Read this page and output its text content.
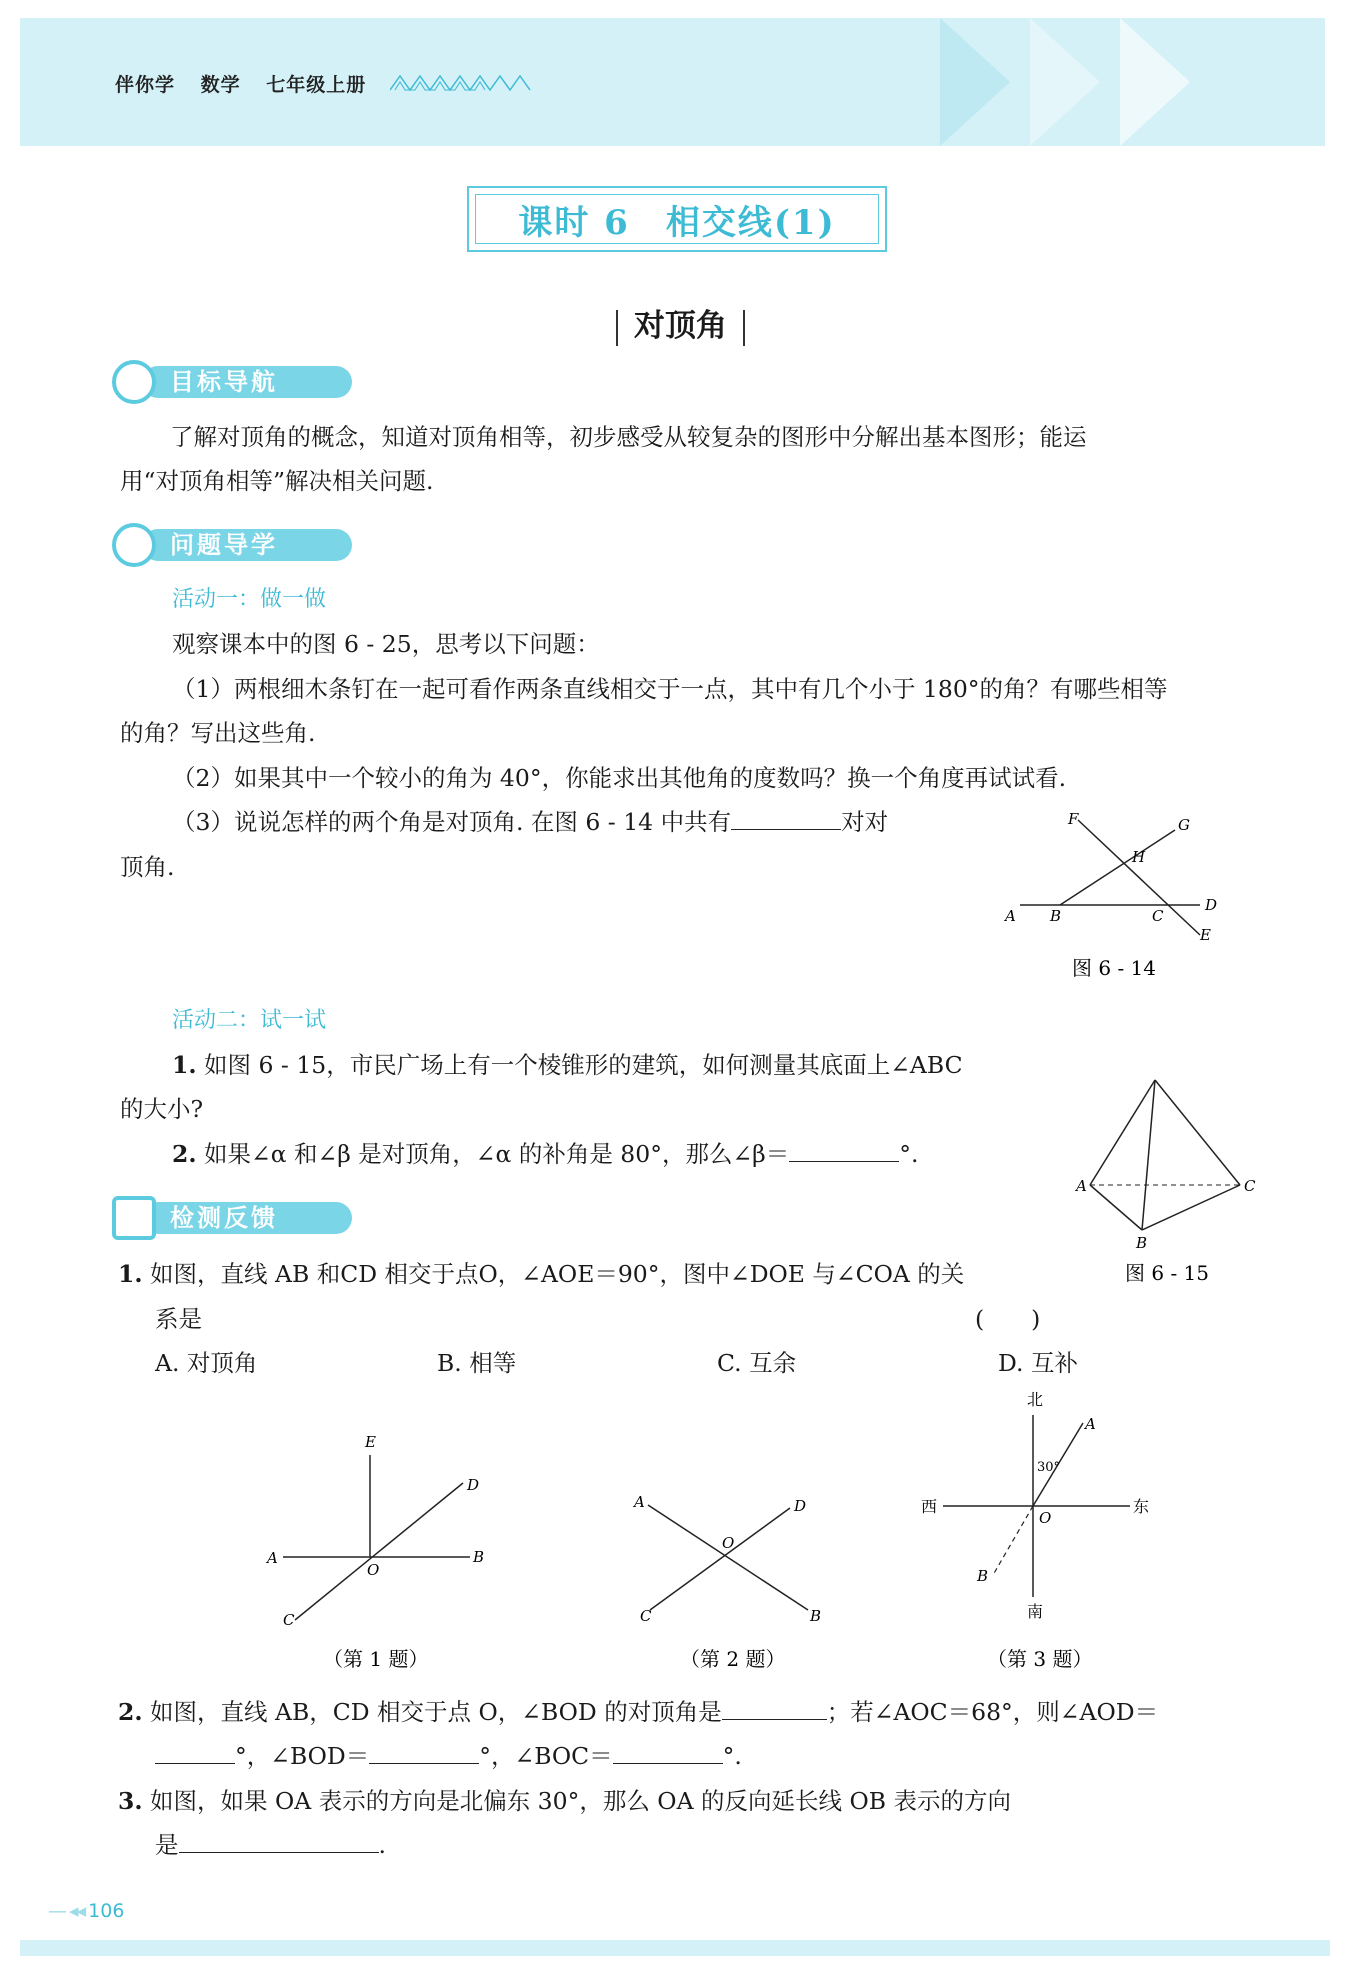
伴你学 数学 七年级上册
课时 6　相交线(1)
对顶角
目标导航
了解对顶角的概念，知道对顶角相等，初步感受从较复杂的图形中分解出基本图形；能运
用“对顶角相等”解决相关问题.
问题导学
活动一：做一做
观察课本中的图 6 - 25，思考以下问题：
（1）两根细木条钉在一起可看作两条直线相交于一点，其中有几个小于 180°的角？有哪些相等
的角？写出这些角.
（2）如果其中一个较小的角为 40°，你能求出其他角的度数吗？换一个角度再试试看.
（3）说说怎样的两个角是对顶角. 在图 6 - 14 中共有	对对
顶角.
F	G
H
A B	C
D
E
图 6 - 14
活动二：试一试
1. 如图 6 - 15，市民广场上有一个棱锥形的建筑，如何测量其底面上∠ABC
的大小?
2. 如果∠α 和∠β 是对顶角，∠α 的补角是 80°，那么∠β＝	°.
A
B
C
图 6 - 15
检测反馈
1. 如图，直线 AB 和CD 相交于点O，∠AOE＝90°，图中∠DOE 与∠COA 的关
系是	(　　)
A. 对顶角	B. 相等	C. 互余	D. 互补
E
D
A
O
B
C
（第 1 题）
A	D
O
C	B
（第 2 题）
北
南
西	东
A
B
O
30°
（第 3 题）
2. 如图，直线 AB，CD 相交于点 O，∠BOD 的对顶角是	；若∠AOC＝68°，则∠AOD＝
°，∠BOD＝	°，∠BOC＝	°.
3. 如图，如果 OA 表示的方向是北偏东 30°，那么 OA 的反向延长线 OB 表示的方向
是	.
— ◂◂ 106
